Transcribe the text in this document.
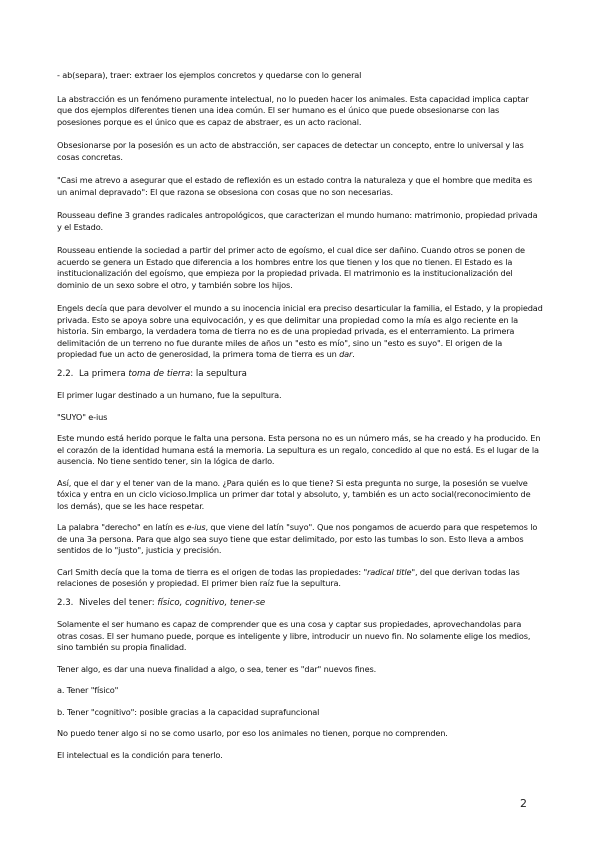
- ab(separa), traer: extraer los ejemplos concretos y quedarse con lo general

La abstracción es un fenómeno puramente intelectual, no lo pueden hacer los animales. Esta capacidad implica captar que dos ejemplos diferentes tienen una idea común. El ser humano es el único que puede obsesionarse con las posesiones porque es el único que es capaz de abstraer, es un acto racional.

Obsesionarse por la posesión es un acto de abstracción, ser capaces de detectar un concepto, entre lo universal y las cosas concretas.

"Casi me atrevo a asegurar que el estado de reflexión es un estado contra la naturaleza y que el hombre que medita es un animal depravado": El que razona se obsesiona con cosas que no son necesarias.

Rousseau define 3 grandes radicales antropológicos, que caracterizan el mundo humano: matrimonio, propiedad privada y el Estado.

Rousseau entiende la sociedad a partir del primer acto de egoísmo, el cual dice ser dañino. Cuando otros se ponen de acuerdo se genera un Estado que diferencia a los hombres entre los que tienen y los que no tienen. El Estado es la institucionalización del egoísmo, que empieza por la propiedad privada. El matrimonio es la institucionalización del dominio de un sexo sobre el otro, y también sobre los hijos.

Engels decía que para devolver el mundo a su inocencia inicial era preciso desarticular la familia, el Estado, y la propiedad privada. Esto se apoya sobre una equivocación, y es que delimitar una propiedad como la mía es algo reciente en la historia. Sin embargo, la verdadera toma de tierra no es de una propiedad privada, es el enterramiento. La primera delimitación de un terreno no fue durante miles de años un "esto es mío", sino un "esto es suyo". El origen de la propiedad fue un acto de generosidad, la primera toma de tierra es un dar.

2.2. La primera toma de tierra: la sepultura

El primer lugar destinado a un humano, fue la sepultura.

"SUYO" e-ius

Este mundo está herido porque le falta una persona. Esta persona no es un número más, se ha creado y ha producido. En el corazón de la identidad humana está la memoria. La sepultura es un regalo, concedido al que no está. Es el lugar de la ausencia. No tiene sentido tener, sin la lógica de darlo.

Así, que el dar y el tener van de la mano. ¿Para quién es lo que tiene? Si esta pregunta no surge, la posesión se vuelve tóxica y entra en un ciclo vicioso.Implica un primer dar total y absoluto, y, también es un acto social(reconocimiento de los demás), que se les hace respetar.

La palabra "derecho" en latín es e-ius, que viene del latín "suyo". Que nos pongamos de acuerdo para que respetemos lo de una 3a persona. Para que algo sea suyo tiene que estar delimitado, por esto las tumbas lo son. Esto lleva a ambos sentidos de lo "justo", justicia y precisión.

Carl Smith decía que la toma de tierra es el origen de todas las propiedades: "radical title", del que derivan todas las relaciones de posesión y propiedad. El primer bien raíz fue la sepultura.

2.3. Niveles del tener: físico, cognitivo, tener-se

Solamente el ser humano es capaz de comprender que es una cosa y captar sus propiedades, aprovechandolas para otras cosas. El ser humano puede, porque es inteligente y libre, introducir un nuevo fin. No solamente elige los medios, sino también su propia finalidad.

Tener algo, es dar una nueva finalidad a algo, o sea, tener es "dar" nuevos fines.

a. Tener "físico"

b. Tener "cognitivo": posible gracias a la capacidad suprafuncional

No puedo tener algo si no se como usarlo, por eso los animales no tienen, porque no comprenden.

El intelectual es la condición para tenerlo.

2
